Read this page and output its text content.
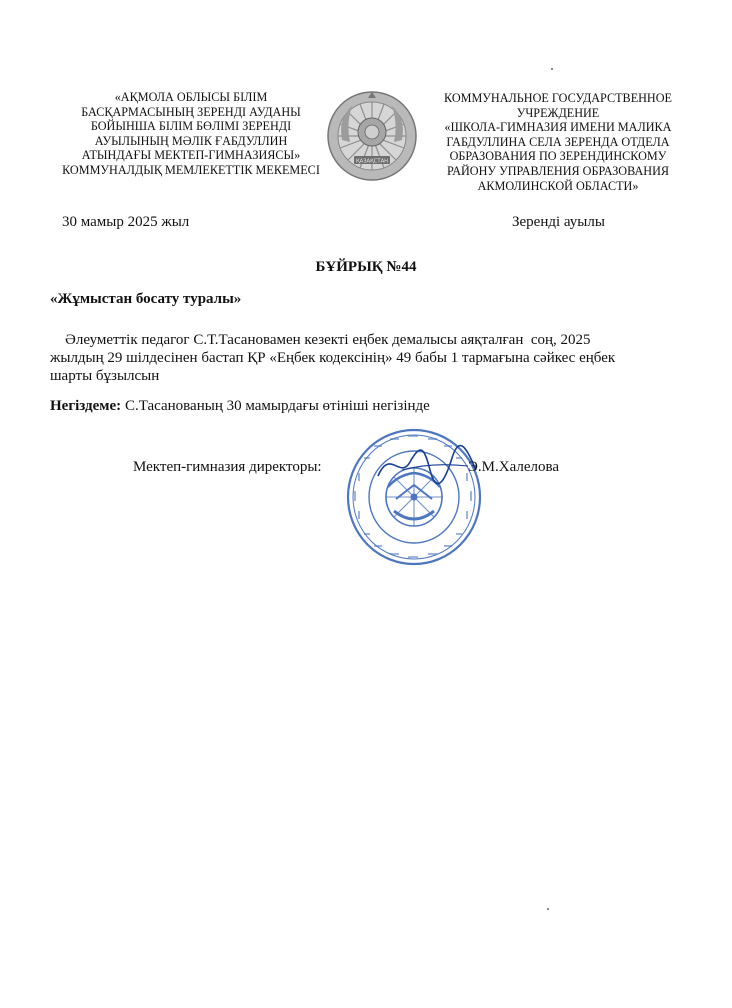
«АҚМОЛА ОБЛЫСЫ БІЛІМ
БАСҚАРМАСЫНЫҢ ЗЕРЕНДІ АУДАНЫ
БОЙЫНША БІЛІМ БӨЛІМІ ЗЕРЕНДІ
АУЫЛЫНЫҢ МӘЛІК ҒАБДУЛЛИН
АТЫНДАҒЫ МЕКТЕП-ГИМНАЗИЯСЫ»
КОММУНАЛДЫҚ МЕМЛЕКЕТТІК МЕКЕМЕСІ
ҚАЗАҚСТАН
КОММУНАЛЬНОЕ ГОСУДАРСТВЕННОЕ
УЧРЕЖДЕНИЕ
«ШКОЛА-ГИМНАЗИЯ ИМЕНИ МАЛИКА
ГАБДУЛЛИНА СЕЛА ЗЕРЕНДА ОТДЕЛА
ОБРАЗОВАНИЯ ПО ЗЕРЕНДИНСКОМУ
РАЙОНУ УПРАВЛЕНИЯ ОБРАЗОВАНИЯ
АКМОЛИНСКОЙ ОБЛАСТИ»
30 мамыр 2025 жыл	Зеренді ауылы
БҰЙРЫҚ №44
«Жұмыстан босату туралы»
Әлеуметтік педагог С.Т.Тасановамен кезекті еңбек демалысы аяқталған  соң, 2025
жылдың 29 шілдесінен бастап ҚР «Еңбек кодексінің» 49 бабы 1 тармағына сәйкес еңбек
шарты бұзылсын
Негіздеме: С.Тасанованың 30 мамырдағы өтініші негізінде
Мектеп-гимназия директоры:	Э.М.Халелова
